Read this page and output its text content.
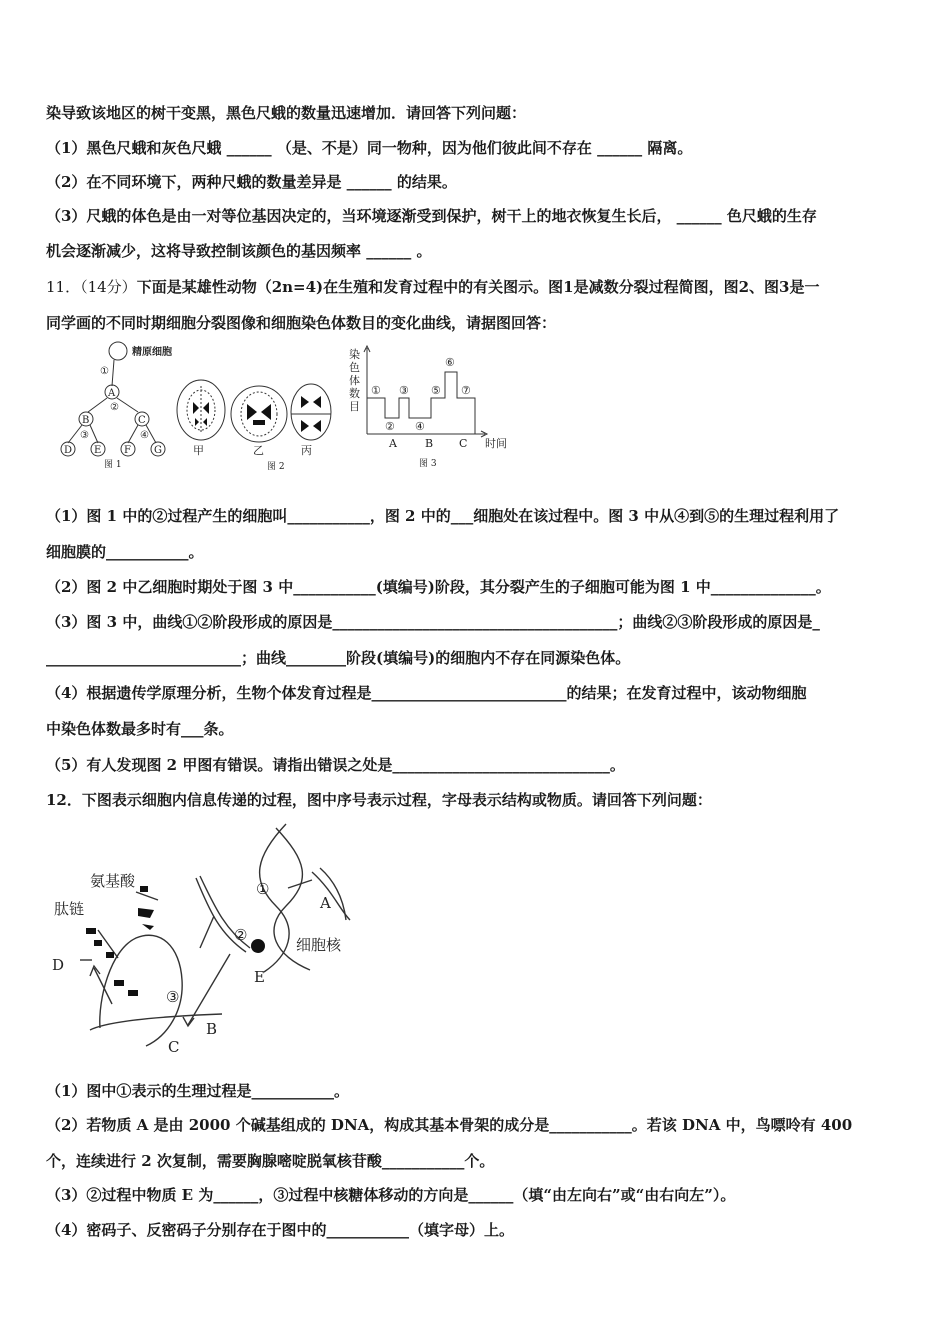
染导致该地区的树干变黑，黑色尺蛾的数量迅速增加．请回答下列问题：
（1）黑色尺蛾和灰色尺蛾 ______ （是、不是）同一物种，因为他们彼此间不存在 ______ 隔离。
（2）在不同环境下，两种尺蛾的数量差异是 ______ 的结果。
（3）尺蛾的体色是由一对等位基因决定的，当环境逐渐受到保护，树干上的地衣恢复生长后， ______ 色尺蛾的生存
机会逐渐减少，这将导致控制该颜色的基因频率 ______ 。
11．（14分）下面是某雄性动物（2n=4)在生殖和发育过程中的有关图示。图1是减数分裂过程简图，图2、图3是一
同学画的不同时期细胞分裂图像和细胞染色体数目的变化曲线，请据图回答：
精原细胞
①
A
②
B	C
③	④
D E F G
图 1
甲	乙	丙
图 2
染
色
体
数
目
①
②
③
④
⑤
⑥
⑦
A	B C 时间
图 3
（1）图 1 中的②过程产生的细胞叫___________，图 2 中的___细胞处在该过程中。图 3 中从④到⑤的生理过程利用了
细胞膜的___________。
（2）图 2 中乙细胞时期处于图 3 中___________(填编号)阶段，其分裂产生的子细胞可能为图 1 中______________。
（3）图 3 中，曲线①②阶段形成的原因是______________________________________；曲线②③阶段形成的原因是_
__________________________；曲线________阶段(填编号)的细胞内不存在同源染色体。
（4）根据遗传学原理分析，生物个体发育过程是__________________________的结果；在发育过程中，该动物细胞
中染色体数最多时有___条。
（5）有人发现图 2 甲图有错误。请指出错误之处是_____________________________。
12．下图表示细胞内信息传递的过程，图中序号表示过程，字母表示结构或物质。请回答下列问题：
氨基酸
肽链
细胞核
A
B
C
D
E
①
②
③
（1）图中①表示的生理过程是___________。
（2）若物质 A 是由 2000 个碱基组成的 DNA，构成其基本骨架的成分是___________。若该 DNA 中，鸟嘌呤有 400
个，连续进行 2 次复制，需要胸腺嘧啶脱氧核苷酸___________个。
（3）②过程中物质 E 为______，③过程中核糖体移动的方向是______（填“由左向右”或“由右向左”）。
（4）密码子、反密码子分别存在于图中的___________（填字母）上。
